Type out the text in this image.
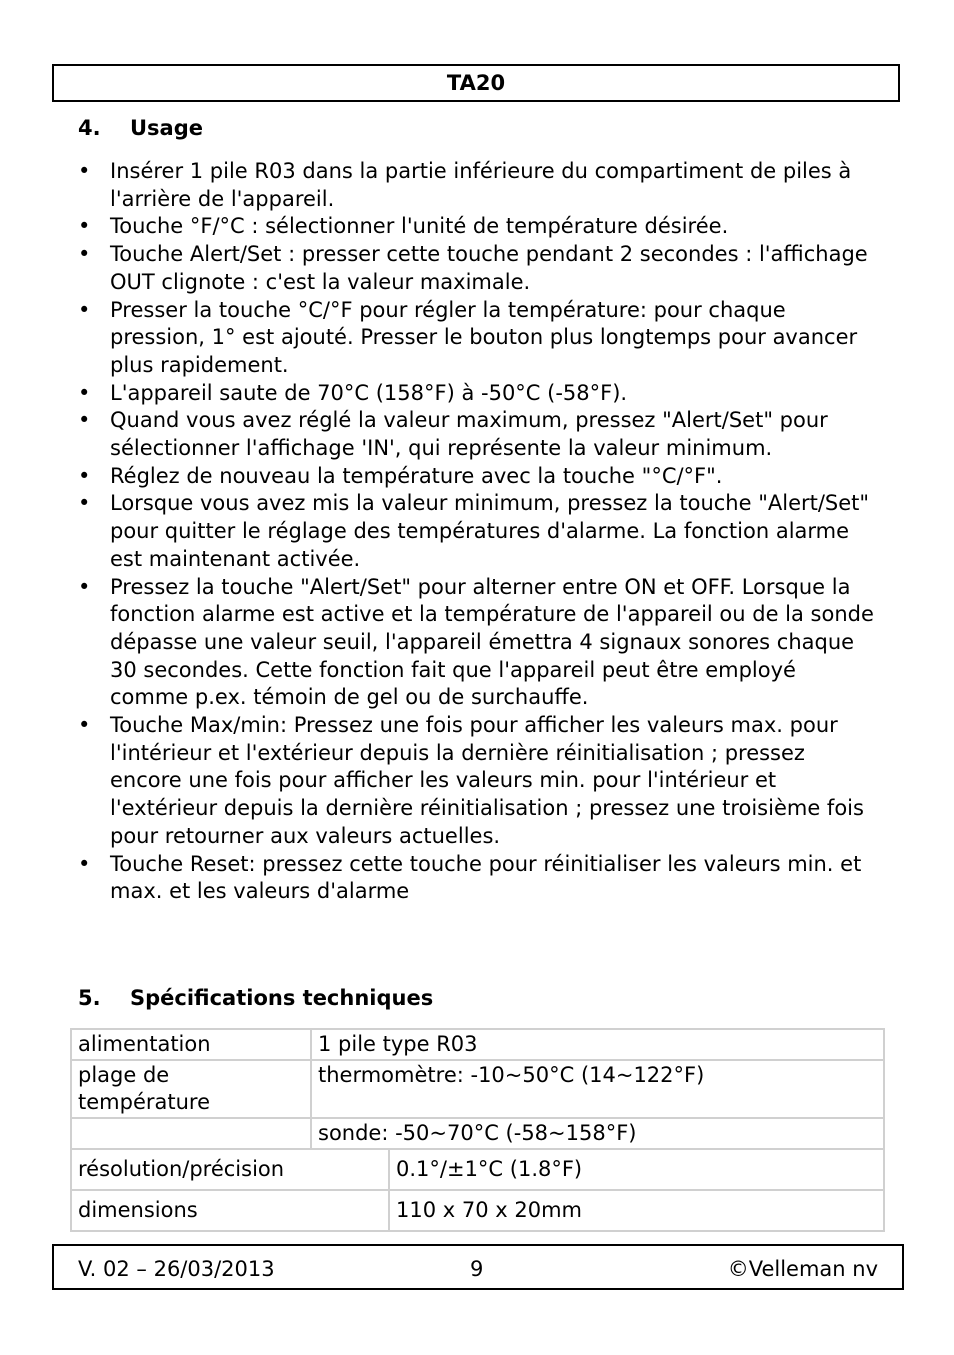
TA20
4. Usage
• Insérer 1 pile R03 dans la partie inférieure du compartiment de piles à l'arrière de l'appareil.
• Touche °F/°C : sélectionner l'unité de température désirée.
• Touche Alert/Set : presser cette touche pendant 2 secondes : l'affichage OUT clignote : c'est la valeur maximale.
• Presser la touche °C/°F pour régler la température: pour chaque pression, 1° est ajouté. Presser le bouton plus longtemps pour avancer plus rapidement.
• L'appareil saute de 70°C (158°F) à -50°C (-58°F).
• Quand vous avez réglé la valeur maximum, pressez "Alert/Set" pour sélectionner l'affichage 'IN', qui représente la valeur minimum.
• Réglez de nouveau la température avec la touche "°C/°F".
• Lorsque vous avez mis la valeur minimum, pressez la touche "Alert/Set" pour quitter le réglage des températures d'alarme. La fonction alarme est maintenant activée.
• Pressez la touche "Alert/Set" pour alterner entre ON et OFF. Lorsque la fonction alarme est active et la température de l'appareil ou de la sonde dépasse une valeur seuil, l'appareil émettra 4 signaux sonores chaque 30 secondes. Cette fonction fait que l'appareil peut être employé comme p.ex. témoin de gel ou de surchauffe.
• Touche Max/min: Pressez une fois pour afficher les valeurs max. pour l'intérieur et l'extérieur depuis la dernière réinitialisation ; pressez encore une fois pour afficher les valeurs min. pour l'intérieur et l'extérieur depuis la dernière réinitialisation ; pressez une troisième fois pour retourner aux valeurs actuelles.
• Touche Reset: pressez cette touche pour réinitialiser les valeurs min. et max. et les valeurs d'alarme
5. Spécifications techniques
alimentation	1 pile type R03	
plage de température	thermomètre: -10~50°C (14~122°F)	
	sonde: -50~70°C (-58~158°F)	
résolution/précision		0.1°/±1°C (1.8°F)
dimensions		110 x 70 x 20mm
V. 02 – 26/03/2013	9	©Velleman nv
